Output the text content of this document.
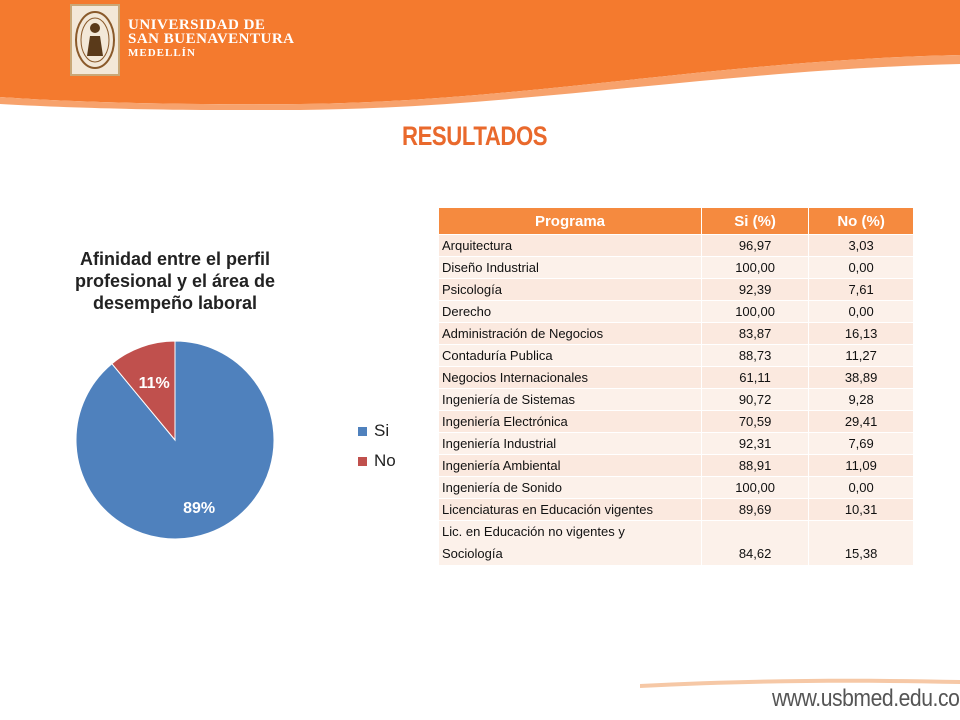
UNIVERSIDAD DE
SAN BUENAVENTURA
MEDELLÍN
RESULTADOS
Afinidad entre el perfil profesional y el área de desempeño laboral
89%
11%
Si
No
Programa	Si (%)	No (%)
Arquitectura	96,97	3,03
Diseño Industrial	100,00	0,00
Psicología	92,39	7,61
Derecho	100,00	0,00
Administración de Negocios	83,87	16,13
Contaduría Publica	88,73	11,27
Negocios Internacionales	61,11	38,89
Ingeniería de Sistemas	90,72	9,28
Ingeniería Electrónica	70,59	29,41
Ingeniería Industrial	92,31	7,69
Ingeniería Ambiental	88,91	11,09
Ingeniería de Sonido	100,00	0,00
Licenciaturas en Educación vigentes	89,69	10,31
Lic. en Educación no vigentes y
Sociología	84,62	15,38
www.usbmed.edu.co
